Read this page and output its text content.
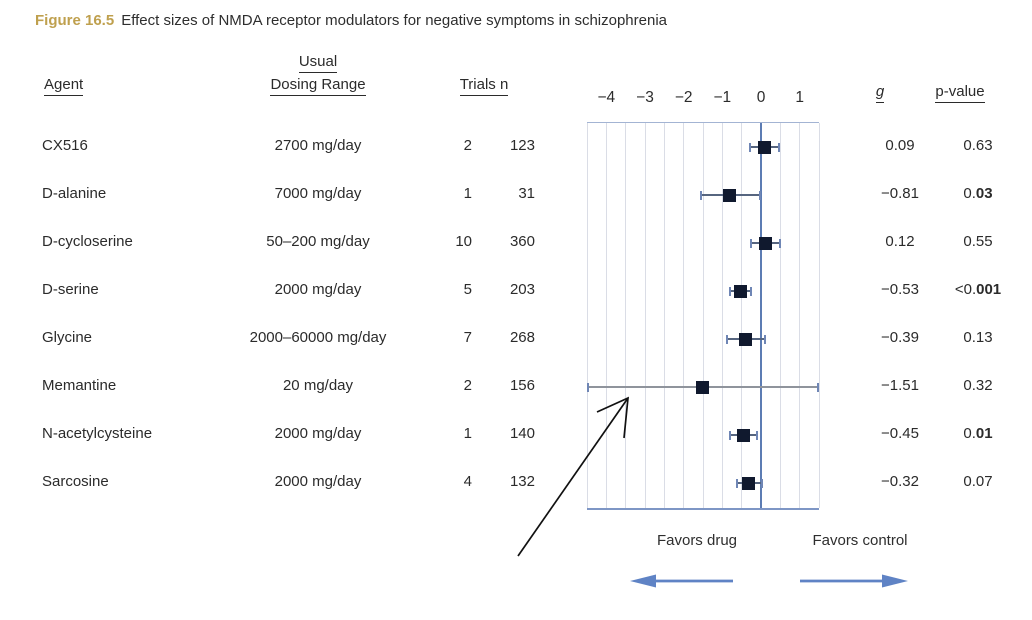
Figure 16.5 Effect sizes of NMDA receptor modulators for negative symptoms in schizophrenia
Agent
Usual
Dosing Range	Trials n	g	p-value
−4	−3	−2	−1	0	1
CX516	2700 mg/day	2	123	0.09	0.63
D-alanine	7000 mg/day	1	31	−0.81	0.03
D-cycloserine	50–200 mg/day	10	360	0.12	0.55
D-serine	2000 mg/day	5	203	−0.53	<0.001
Glycine	2000–60000 mg/day	7	268	−0.39	0.13
Memantine	20 mg/day	2	156	−1.51	0.32
N-acetylcysteine	2000 mg/day	1	140	−0.45	0.01
Sarcosine	2000 mg/day	4	132	−0.32	0.07
Favors drug	Favors control
